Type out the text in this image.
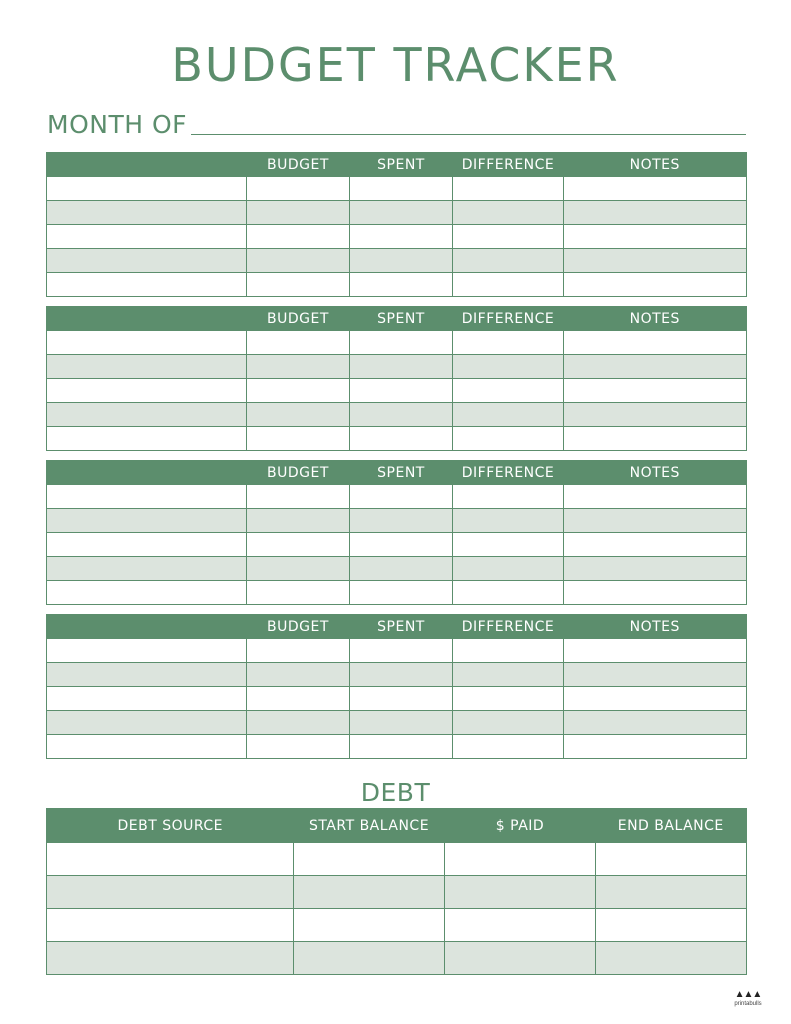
BUDGET TRACKER
MONTH OF
	BUDGET	SPENT	DIFFERENCE	NOTES

	BUDGET	SPENT	DIFFERENCE	NOTES

	BUDGET	SPENT	DIFFERENCE	NOTES

	BUDGET	SPENT	DIFFERENCE	NOTES

DEBT
DEBT SOURCE	START BALANCE	$ PAID	END BALANCE

▲▲▲
printabulls
